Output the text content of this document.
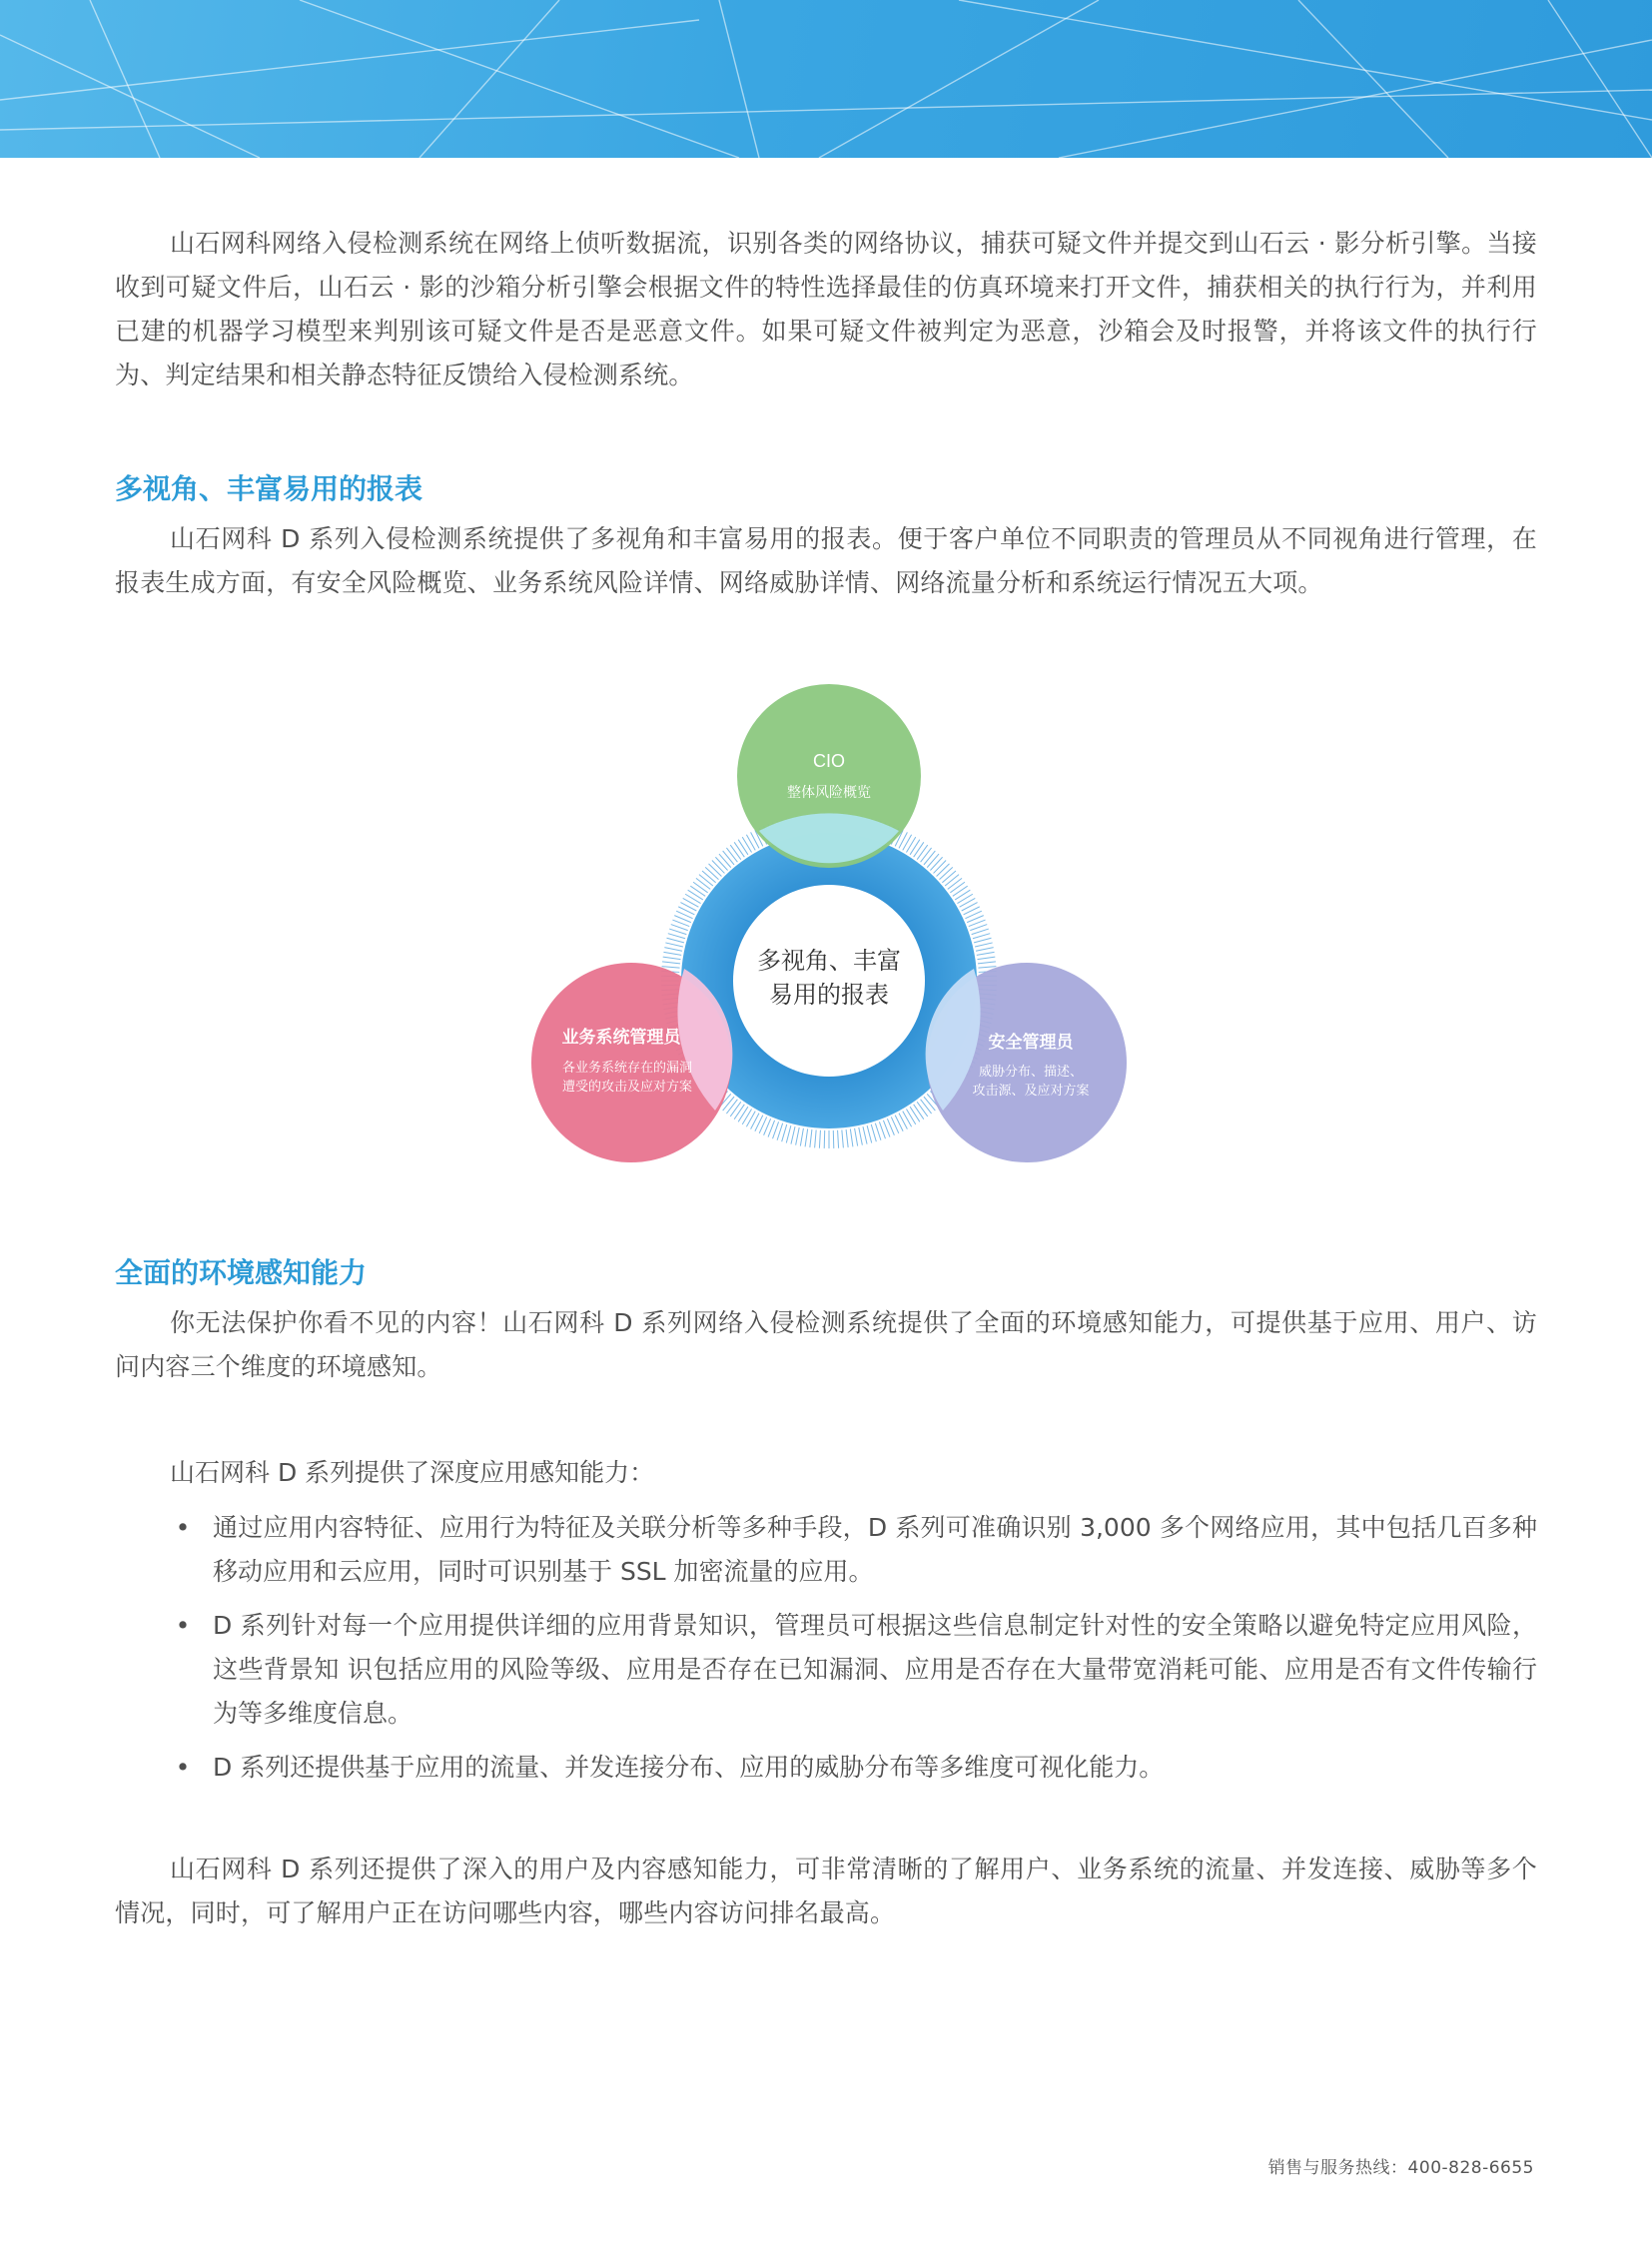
山石网科网络入侵检测系统在网络上侦听数据流，识别各类的网络协议，捕获可疑文件并提交到山石云 · 影分析引擎。当接收到可疑文件后，山石云 · 影的沙箱分析引擎会根据文件的特性选择最佳的仿真环境来打开文件，捕获相关的执行行为，并利用已建的机器学习模型来判别该可疑文件是否是恶意文件。如果可疑文件被判定为恶意，沙箱会及时报警，并将该文件的执行行为、判定结果和相关静态特征反馈给入侵检测系统。

多视角、丰富易用的报表

山石网科 D 系列入侵检测系统提供了多视角和丰富易用的报表。便于客户单位不同职责的管理员从不同视角进行管理，在报表生成方面，有安全风险概览、业务系统风险详情、网络威胁详情、网络流量分析和系统运行情况五大项。

全面的环境感知能力

你无法保护你看不见的内容！山石网科 D 系列网络入侵检测系统提供了全面的环境感知能力，可提供基于应用、用户、访问内容三个维度的环境感知。

山石网科 D 系列提供了深度应用感知能力：

• 通过应用内容特征、应用行为特征及关联分析等多种手段，D 系列可准确识别 3,000 多个网络应用，其中包括几百多种移动应用和云应用，同时可识别基于 SSL 加密流量的应用。
• D 系列针对每一个应用提供详细的应用背景知识，管理员可根据这些信息制定针对性的安全策略以避免特定应用风险，这些背景知 识包括应用的风险等级、应用是否存在已知漏洞、应用是否存在大量带宽消耗可能、应用是否有文件传输行为等多维度信息。
• D 系列还提供基于应用的流量、并发连接分布、应用的威胁分布等多维度可视化能力。

山石网科 D 系列还提供了深入的用户及内容感知能力，可非常清晰的了解用户、业务系统的流量、并发连接、威胁等多个情况，同时，可了解用户正在访问哪些内容，哪些内容访问排名最高。

CIO
整体风险概览
多视角、丰富
易用的报表
业务系统管理员
各业务系统存在的漏洞
遭受的攻击及应对方案
安全管理员
威胁分布、描述、
攻击源、及应对方案
销售与服务热线：400-828-6655
